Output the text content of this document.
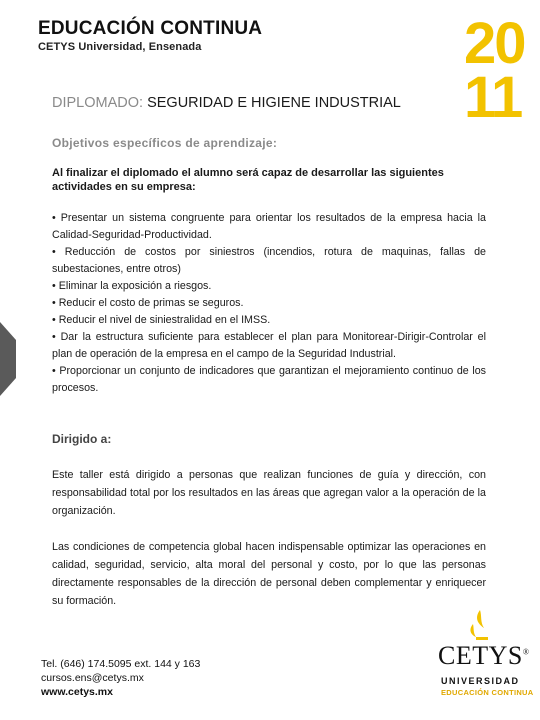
EDUCACIÓN CONTINUA
CETYS Universidad, Ensenada	20
11
DIPLOMADO: SEGURIDAD E HIGIENE INDUSTRIAL
Objetivos específicos de aprendizaje:
Al finalizar el diplomado el alumno será capaz de desarrollar las siguientes actividades en su empresa:

• Presentar un sistema congruente para orientar los resultados de la empresa hacia la Calidad-Seguridad-Productividad.

• Reducción de costos por siniestros (incendios, rotura de maquinas, fallas de subestaciones, entre otros)

• Eliminar la exposición a riesgos.

• Reducir el costo de primas se seguros.

• Reducir el nivel de siniestralidad en el IMSS.

• Dar la estructura suficiente para establecer el plan para Monitorear-Dirigir-Controlar el plan de operación de la empresa en el campo de la Seguridad Industrial.

• Proporcionar un conjunto de indicadores que garantizan el mejoramiento continuo de los procesos.

Dirigido a:
Este taller está dirigido a personas que realizan funciones de guía y dirección, con responsabilidad total por los resultados en las áreas que agregan valor a la operación de la organización.
Las condiciones de competencia global hacen indispensable optimizar las operaciones en calidad, seguridad, servicio, alta moral del personal y costo, por lo que las personas directamente responsables de la dirección de personal deben complementar y enriquecer su formación.
Tel. (646) 174.5095 ext. 144 y 163
cursos.ens@cetys.mx
www.cetys.mx
CETYS®
UNIVERSIDAD
EDUCACIÓN CONTINUA
